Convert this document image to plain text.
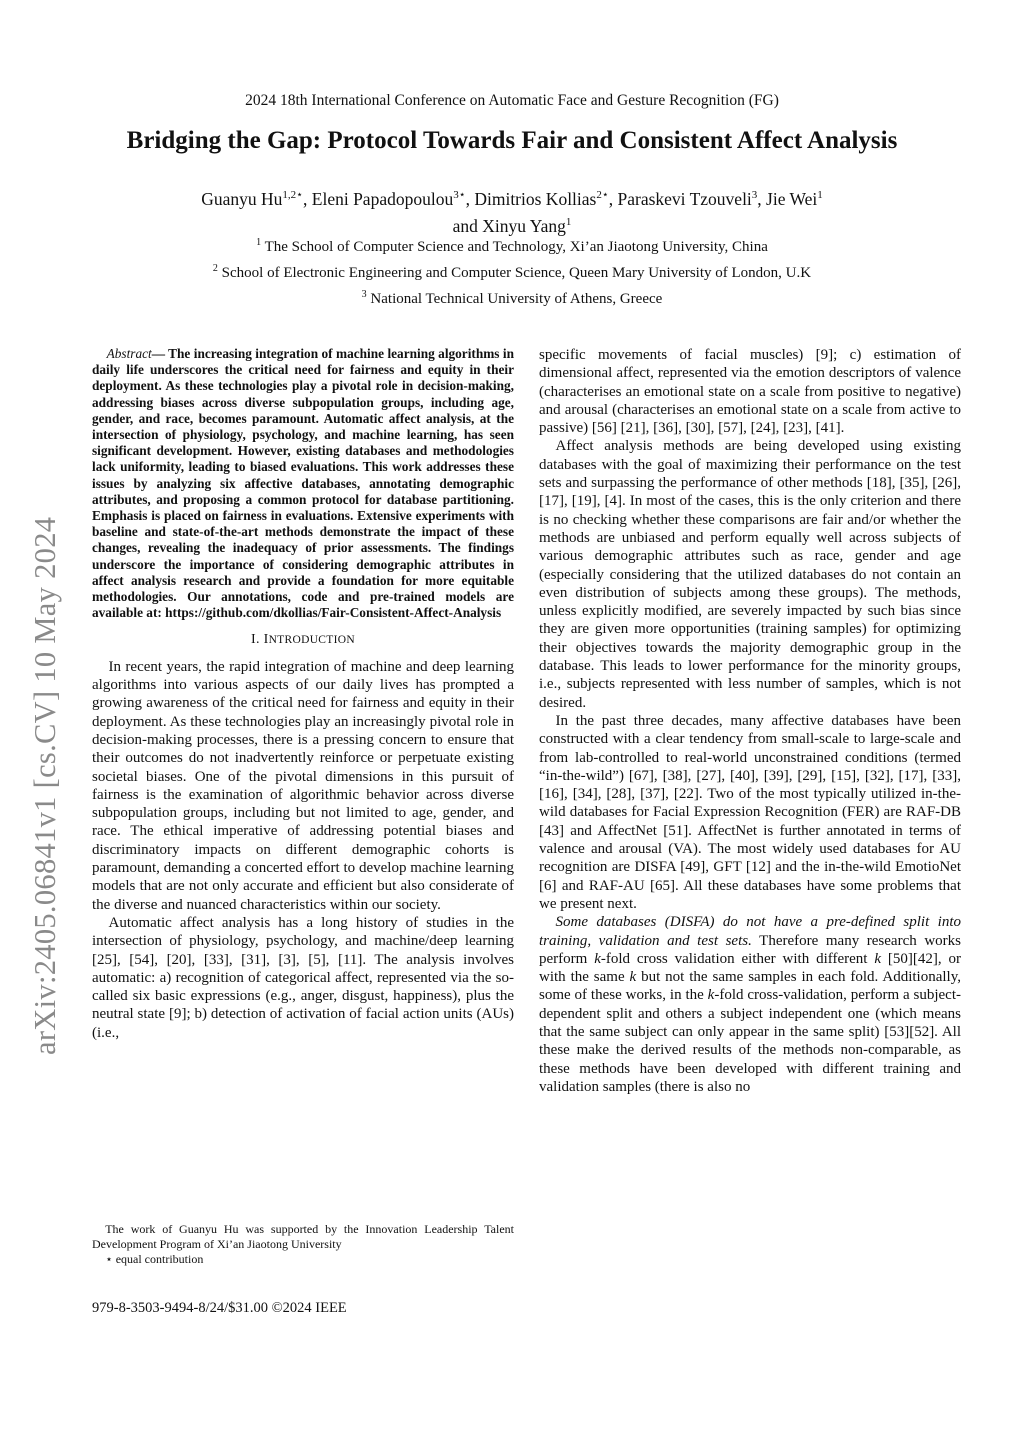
2024 18th International Conference on Automatic Face and Gesture Recognition (FG)
Bridging the Gap: Protocol Towards Fair and Consistent Affect Analysis
Guanyu $Hu^{1,2⋆}$, Eleni Papadopoulou$^{3⋆}$, Dimitrios Kollias$^{2⋆}$, Paraskevi Tzouveli$^3$, Jie Wei$^1$
and Xinyu Yang$^1$
$^1$ The School of Computer Science and Technology, Xi’an Jiaotong University, China
$^2$ School of Electronic Engineering and Computer Science, Queen Mary University of London, U.K
$^3$ National Technical University of Athens, Greece
arXiv:2405.06841v1 [cs.CV] 10 May 2024

Abstract— The increasing integration of machine learning algorithms in daily life underscores the critical need for fairness and equity in their deployment. As these technologies play a pivotal role in decision-making, addressing biases across diverse subpopulation groups, including age, gender, and race, becomes paramount. Automatic affect analysis, at the intersection of physiology, psychology, and machine learning, has seen significant development. However, existing databases and methodologies lack uniformity, leading to biased evaluations. This work addresses these issues by analyzing six affective databases, annotating demographic attributes, and proposing a common protocol for database partitioning. Emphasis is placed on fairness in evaluations. Extensive experiments with baseline and state-of-the-art methods demonstrate the impact of these changes, revealing the inadequacy of prior assessments. The findings underscore the importance of considering demographic attributes in affect analysis research and provide a foundation for more equitable methodologies. Our annotations, code and pre-trained models are available at: https://github.com/dkollias/Fair-Consistent-Affect-Analysis

I. INTRODUCTION

In recent years, the rapid integration of machine and deep learning algorithms into various aspects of our daily lives has prompted a growing awareness of the critical need for fairness and equity in their deployment. As these technologies play an increasingly pivotal role in decision-making processes, there is a pressing concern to ensure that their outcomes do not inadvertently reinforce or perpetuate existing societal biases. One of the pivotal dimensions in this pursuit of fairness is the examination of algorithmic behavior across diverse subpopulation groups, including but not limited to age, gender, and race. The ethical imperative of addressing potential biases and discriminatory impacts on different demographic cohorts is paramount, demanding a concerted effort to develop machine learning models that are not only accurate and efficient but also considerate of the diverse and nuanced characteristics within our society.

Automatic affect analysis has a long history of studies in the intersection of physiology, psychology, and machine/deep learning [25], [54], [20], [33], [31], [3], [5], [11]. The analysis involves automatic: a) recognition of categorical affect, represented via the so-called six basic expressions (e.g., anger, disgust, happiness), plus the neutral state [9]; b) detection of activation of facial action units (AUs) (i.e.,

specific movements of facial muscles) [9]; c) estimation of dimensional affect, represented via the emotion descriptors of valence (characterises an emotional state on a scale from positive to negative) and arousal (characterises an emotional state on a scale from active to passive) [56] [21], [36], [30], [57], [24], [23], [41].

Affect analysis methods are being developed using existing databases with the goal of maximizing their performance on the test sets and surpassing the performance of other methods [18], [35], [26], [17], [19], [4]. In most of the cases, this is the only criterion and there is no checking whether these comparisons are fair and/or whether the methods are unbiased and perform equally well across subjects of various demographic attributes such as race, gender and age (especially considering that the utilized databases do not contain an even distribution of subjects among these groups). The methods, unless explicitly modified, are severely impacted by such bias since they are given more opportunities (training samples) for optimizing their objectives towards the majority demographic group in the database. This leads to lower performance for the minority groups, i.e., subjects represented with less number of samples, which is not desired.

In the past three decades, many affective databases have been constructed with a clear tendency from small-scale to large-scale and from lab-controlled to real-world unconstrained conditions (termed “in-the-wild”) [67], [38], [27], [40], [39], [29], [15], [32], [17], [33], [16], [34], [28], [37], [22]. Two of the most typically utilized in-the-wild databases for Facial Expression Recognition (FER) are RAF-DB [43] and AffectNet [51]. AffectNet is further annotated in terms of valence and arousal (VA). The most widely used databases for AU recognition are DISFA [49], GFT [12] and the in-the-wild EmotioNet [6] and RAF-AU [65]. All these databases have some problems that we present next.

Some databases (DISFA) do not have a pre-defined split into training, validation and test sets. Therefore many research works perform k-fold cross validation either with different k [50][42], or with the same k but not the same samples in each fold. Additionally, some of these works, in the k-fold cross-validation, perform a subject-dependent split and others a subject independent one (which means that the same subject can only appear in the same split) [53][52]. All these make the derived results of the methods non-comparable, as these methods have been developed with different training and validation samples (there is also no

The work of Guanyu Hu was supported by the Innovation Leadership Talent Development Program of Xi’an Jiaotong University

⋆ equal contribution

979-8-3503-9494-8/24/$31.00 ©2024 IEEE
